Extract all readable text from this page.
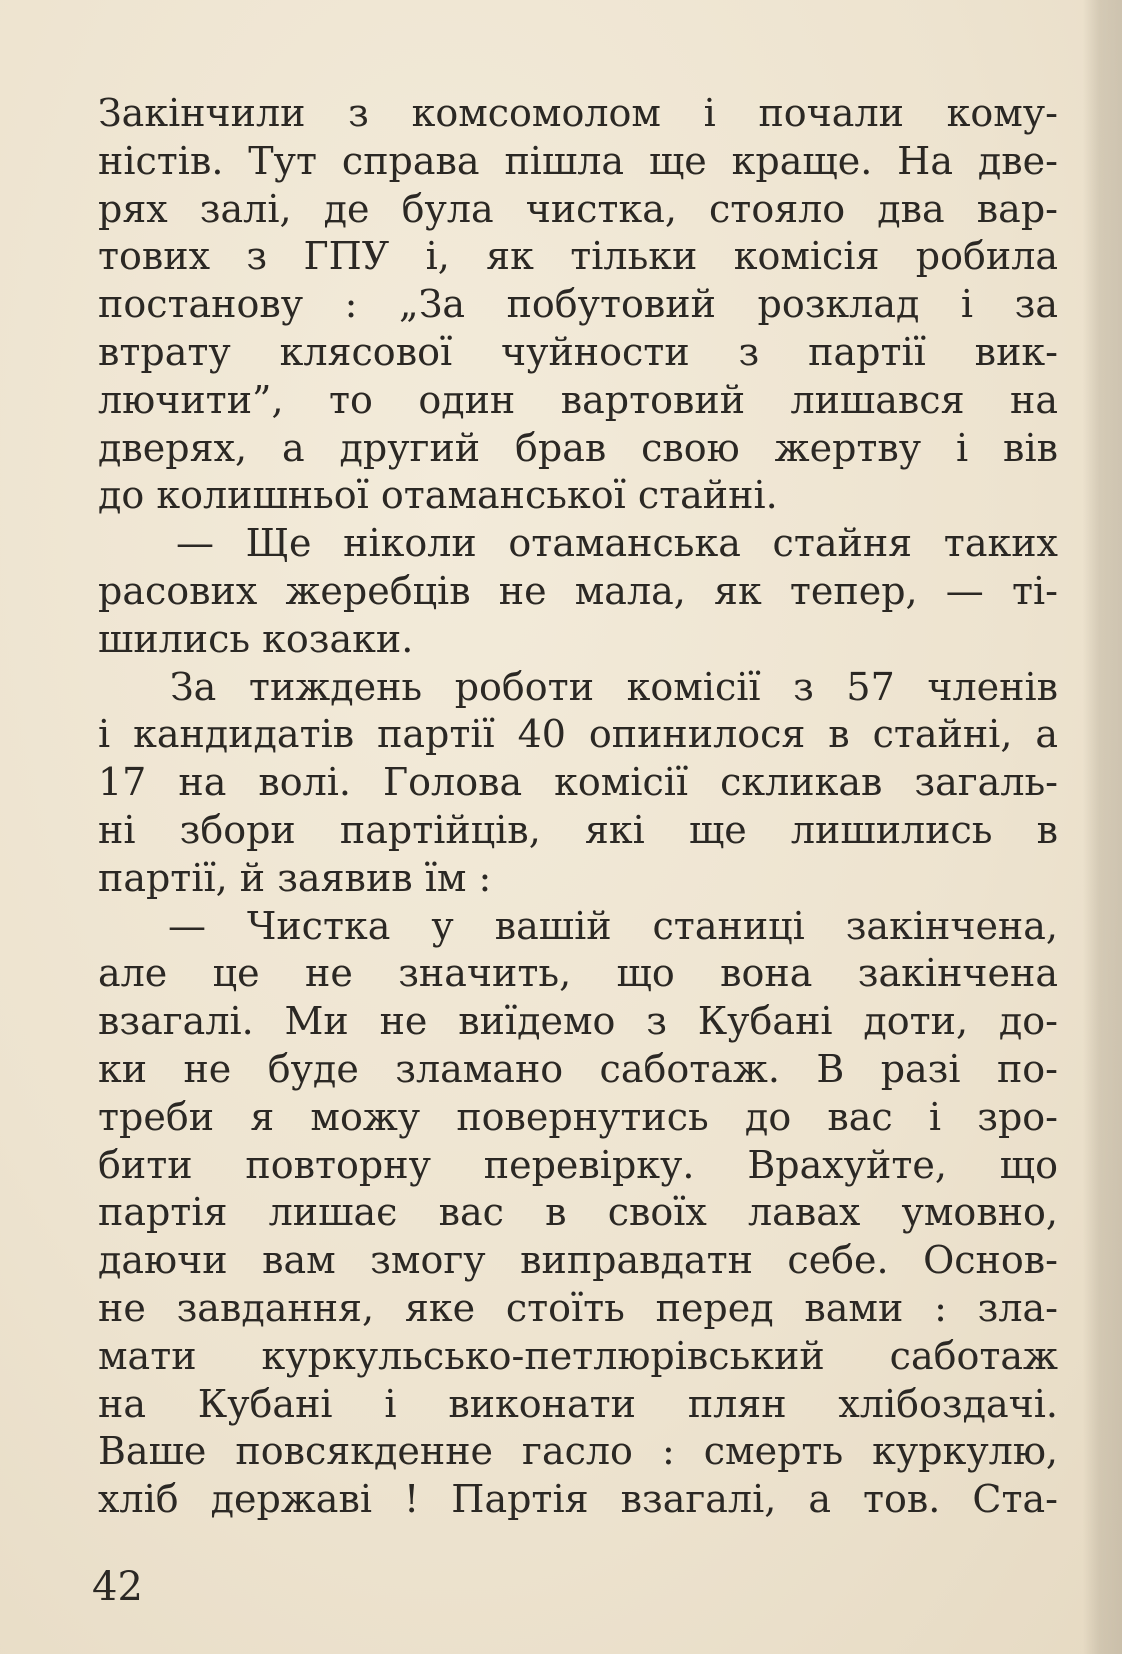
Закінчили з комсомолом і почали кому-
ністів. Тут справа пішла ще краще. На две-
рях залі, де була чистка, стояло два вар-
тових з ГПУ і, як тільки комісія робила
постанову : „За побутовий розклад і за
втрату клясової чуйности з партії вик-
лючити”, то один вартовий лишався на
дверях, а другий брав свою жертву і вів
до колишньої отаманської стайні.
— Ще ніколи отаманська стайня таких
расових жеребців не мала, як тепер, — ті-
шились козаки.
За тиждень роботи комісії з 57 членів
і кандидатів партії 40 опинилося в стайні, а
17 на волі. Голова комісії скликав загаль-
ні збори партійців, які ще лишились в
партії, й заявив їм :
— Чистка у вашій станиці закінчена,
але це не значить, що вона закінчена
взагалі. Ми не виїдемо з Кубані доти, до-
ки не буде зламано саботаж. В разі по-
треби я можу повернутись до вас і зро-
бити повторну перевірку. Врахуйте, що
партія лишає вас в своїх лавах умовно,
даючи вам змогу виправдатн себе. Основ-
не завдання, яке стоїть перед вами : зла-
мати куркульсько-петлюрівський саботаж
на Кубані і виконати плян хлібоздачі.
Ваше повсякденне гасло : смерть куркулю,
хліб державі ! Партія взагалі, а тов. Ста-
42
